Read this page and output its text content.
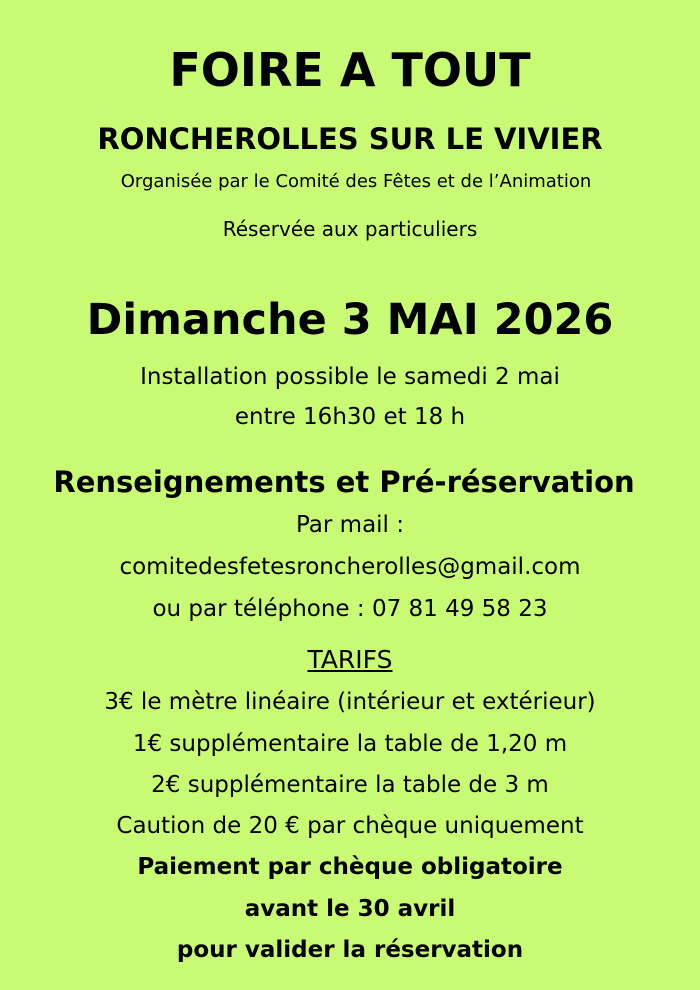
FOIRE A TOUT
RONCHEROLLES SUR LE VIVIER
Organisée par le Comité des Fêtes et de l’Animation
Réservée aux particuliers
Dimanche 3 MAI 2026
Installation possible le samedi 2 mai
entre 16h30 et 18 h
Renseignements et Pré-réservation
Par mail :
comitedesfetesroncherolles@gmail.com
ou par téléphone : 07 81 49 58 23
TARIFS
3€ le mètre linéaire (intérieur et extérieur)
1€ supplémentaire la table de 1,20 m
2€ supplémentaire la table de 3 m
Caution de 20 € par chèque uniquement
Paiement par chèque obligatoire
avant le 30 avril
pour valider la réservation
